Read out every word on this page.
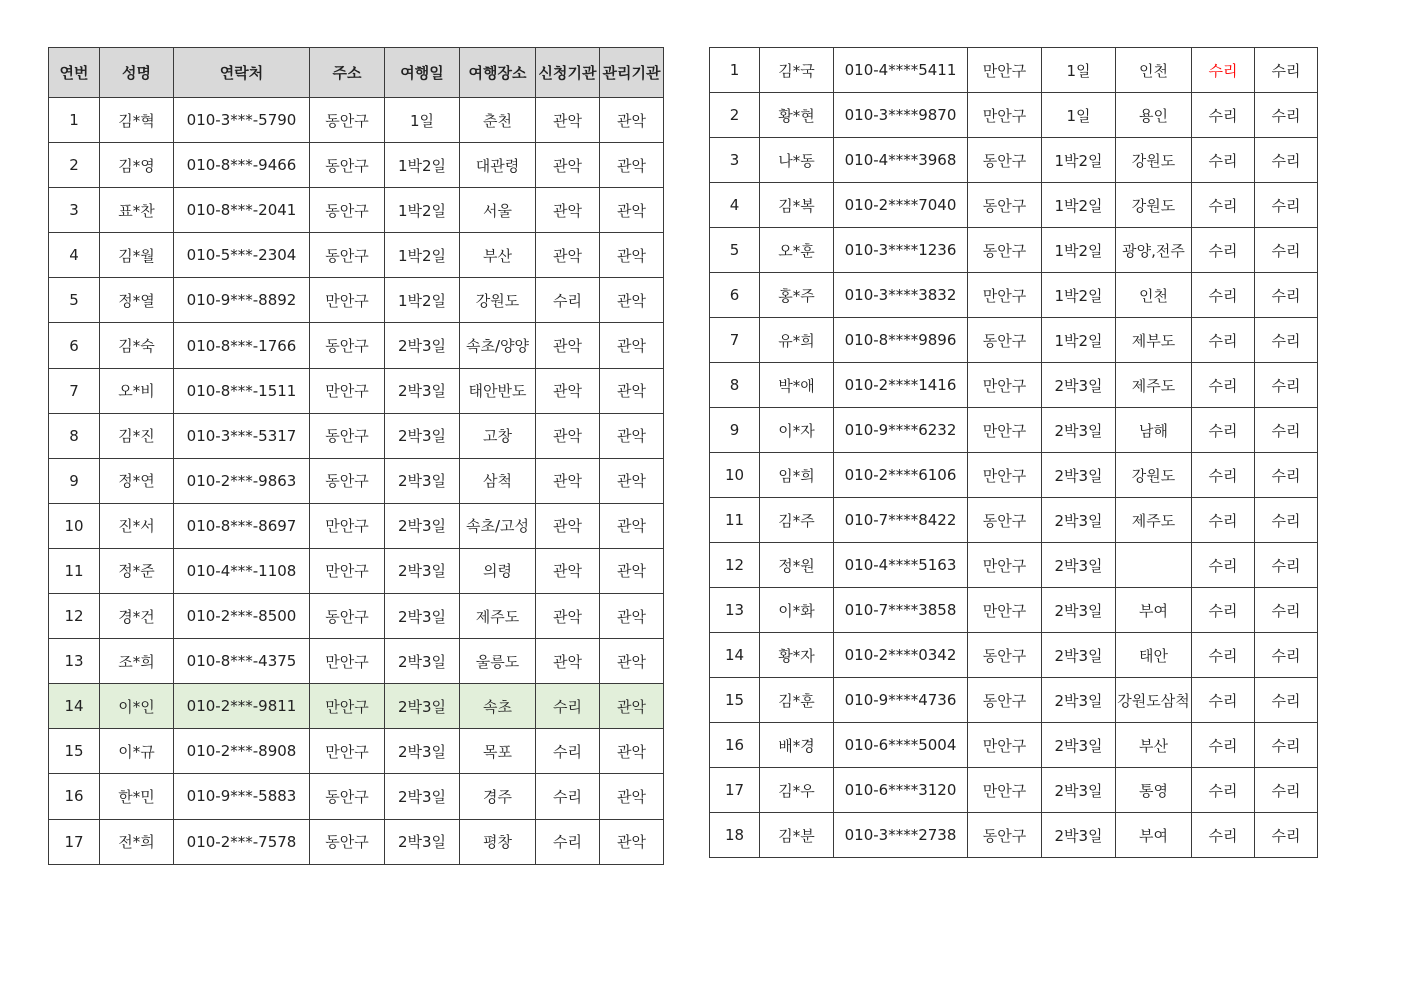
연번	성명	연락처	주소	여행일	여행장소	신청기관	관리기관
1	김*혁	010-3***-5790	동안구	1일	춘천	관악	관악
2	김*영	010-8***-9466	동안구	1박2일	대관령	관악	관악
3	표*찬	010-8***-2041	동안구	1박2일	서울	관악	관악
4	김*월	010-5***-2304	동안구	1박2일	부산	관악	관악
5	정*열	010-9***-8892	만안구	1박2일	강원도	수리	관악
6	김*숙	010-8***-1766	동안구	2박3일	속초/양양	관악	관악
7	오*비	010-8***-1511	만안구	2박3일	태안반도	관악	관악
8	김*진	010-3***-5317	동안구	2박3일	고창	관악	관악
9	정*연	010-2***-9863	동안구	2박3일	삼척	관악	관악
10	진*서	010-8***-8697	만안구	2박3일	속초/고성	관악	관악
11	정*준	010-4***-1108	만안구	2박3일	의령	관악	관악
12	경*건	010-2***-8500	동안구	2박3일	제주도	관악	관악
13	조*희	010-8***-4375	만안구	2박3일	울릉도	관악	관악
14	이*인	010-2***-9811	만안구	2박3일	속초	수리	관악
15	이*규	010-2***-8908	만안구	2박3일	목포	수리	관악
16	한*민	010-9***-5883	동안구	2박3일	경주	수리	관악
17	전*희	010-2***-7578	동안구	2박3일	평창	수리	관악
1	김*국	010-4****5411	만안구	1일	인천	수리	수리
2	황*현	010-3****9870	만안구	1일	용인	수리	수리
3	나*동	010-4****3968	동안구	1박2일	강원도	수리	수리
4	김*복	010-2****7040	동안구	1박2일	강원도	수리	수리
5	오*훈	010-3****1236	동안구	1박2일	광양,전주	수리	수리
6	홍*주	010-3****3832	만안구	1박2일	인천	수리	수리
7	유*희	010-8****9896	동안구	1박2일	제부도	수리	수리
8	박*애	010-2****1416	만안구	2박3일	제주도	수리	수리
9	이*자	010-9****6232	만안구	2박3일	남해	수리	수리
10	임*희	010-2****6106	만안구	2박3일	강원도	수리	수리
11	김*주	010-7****8422	동안구	2박3일	제주도	수리	수리
12	정*원	010-4****5163	만안구	2박3일		수리	수리
13	이*화	010-7****3858	만안구	2박3일	부여	수리	수리
14	황*자	010-2****0342	동안구	2박3일	태안	수리	수리
15	김*훈	010-9****4736	동안구	2박3일	강원도삼척	수리	수리
16	배*경	010-6****5004	만안구	2박3일	부산	수리	수리
17	김*우	010-6****3120	만안구	2박3일	통영	수리	수리
18	김*분	010-3****2738	동안구	2박3일	부여	수리	수리
